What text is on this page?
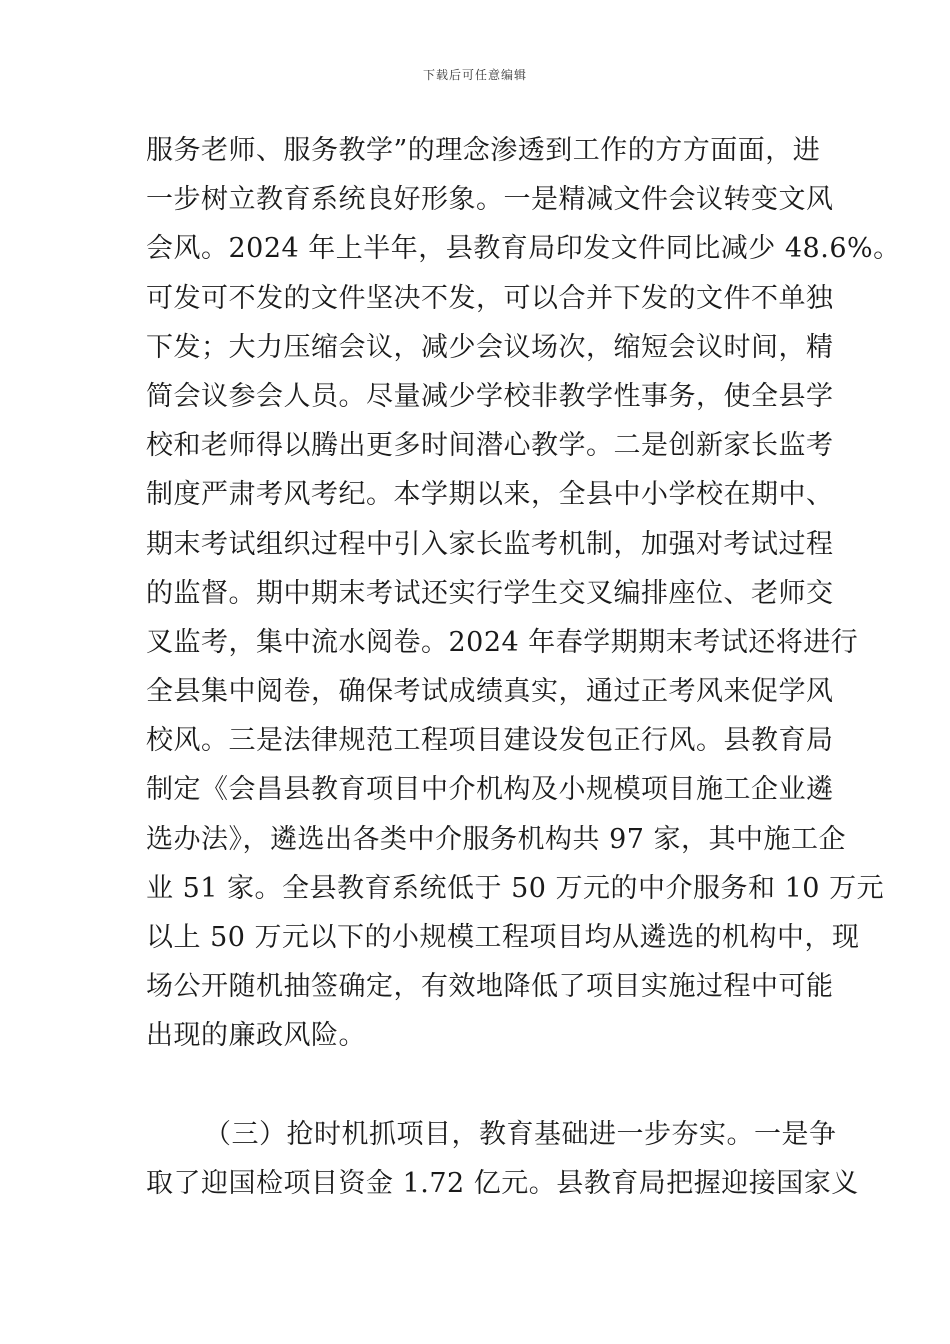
下载后可任意编辑
服务老师、服务教学”的理念渗透到工作的方方面面，进
一步树立教育系统良好形象。一是精减文件会议转变文风
会风。2024 年上半年，县教育局印发文件同比减少 48.6%。
可发可不发的文件坚决不发，可以合并下发的文件不单独
下发；大力压缩会议，减少会议场次，缩短会议时间，精
简会议参会人员。尽量减少学校非教学性事务，使全县学
校和老师得以腾出更多时间潜心教学。二是创新家长监考
制度严肃考风考纪。本学期以来，全县中小学校在期中、
期末考试组织过程中引入家长监考机制，加强对考试过程
的监督。期中期末考试还实行学生交叉编排座位、老师交
叉监考，集中流水阅卷。2024 年春学期期末考试还将进行
全县集中阅卷，确保考试成绩真实，通过正考风来促学风
校风。三是法律规范工程项目建设发包正行风。县教育局
制定《会昌县教育项目中介机构及小规模项目施工企业遴
选办法》，遴选出各类中介服务机构共 97 家，其中施工企
业 51 家。全县教育系统低于 50 万元的中介服务和 10 万元
以上 50 万元以下的小规模工程项目均从遴选的机构中，现
场公开随机抽签确定，有效地降低了项目实施过程中可能
出现的廉政风险。
（三）抢时机抓项目，教育基础进一步夯实。一是争
取了迎国检项目资金 1.72 亿元。县教育局把握迎接国家义
